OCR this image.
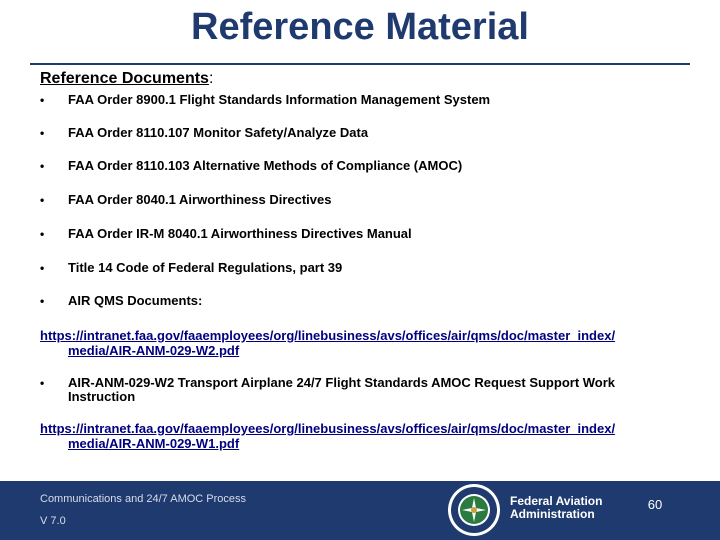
Reference Material
Reference Documents:
• FAA Order 8900.1 Flight Standards Information Management System
• FAA Order 8110.107 Monitor Safety/Analyze Data
• FAA Order 8110.103 Alternative Methods of Compliance (AMOC)
• FAA Order 8040.1 Airworthiness Directives
• FAA Order IR-M 8040.1 Airworthiness Directives Manual
• Title 14 Code of Federal Regulations, part 39
• AIR QMS Documents:
https://intranet.faa.gov/faaemployees/org/linebusiness/avs/offices/air/qms/doc/master_index/
media/AIR-ANM-029-W2.pdf
• AIR-ANM-029-W2 Transport Airplane 24/7 Flight Standards AMOC Request Support Work Instruction
https://intranet.faa.gov/faaemployees/org/linebusiness/avs/offices/air/qms/doc/master_index/
media/AIR-ANM-029-W1.pdf
Communications and 24/7 AMOC Process
V 7.0
Federal Aviation
Administration
60
